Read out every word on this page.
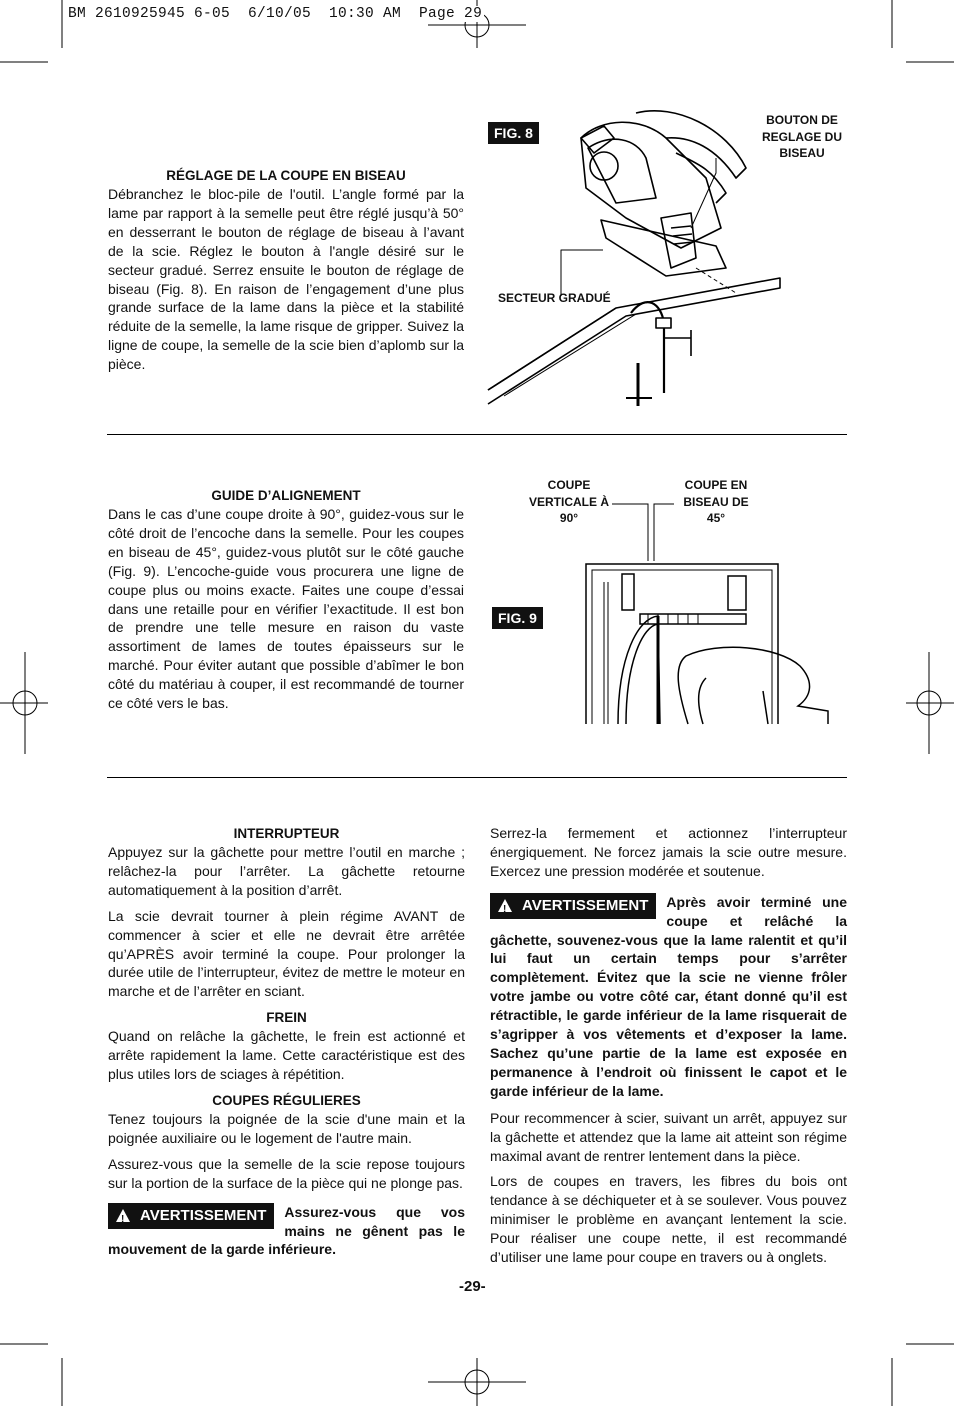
BM 2610925945 6-05  6/10/05  10:30 AM  Page 29
RÉGLAGE DE LA COUPE EN BISEAU
Débranchez le bloc-pile de l'outil. L’angle formé par la lame par rapport à la semelle peut être réglé jusqu’à 50° en desserrant le bouton de réglage de biseau à l’avant de la scie. Réglez le bouton à l'angle désiré sur le secteur gradué. Serrez ensuite le bouton de réglage de biseau (Fig. 8). En raison de l’engagement d’une plus grande surface de la lame dans la pièce et la stabilité réduite de la semelle, la lame risque de gripper. Suivez la ligne de coupe, la semelle de la scie bien d’aplomb sur la pièce.
FIG. 8
BOUTON DE
REGLAGE DU
BISEAU
SECTEUR GRADUÉ
GUIDE D’ALIGNEMENT
Dans le cas d’une coupe droite à 90°, guidez-vous sur le côté droit de l’encoche dans la semelle. Pour les coupes en biseau de 45°, guidez-vous plutôt sur le côté gauche (Fig. 9). L’encoche-guide vous procurera une ligne de coupe plus ou moins exacte. Faites une coupe d’essai dans une retaille pour en vérifier l’exactitude. Il est bon de prendre une telle mesure en raison du vaste assortiment de lames de toutes épaisseurs sur le marché. Pour éviter autant que possible d’abîmer le bon côté du matériau à couper, il est recommandé de tourner ce côté vers le bas.
FIG. 9
COUPE
VERTICALE À
90°
COUPE EN
BISEAU DE
45°
INTERRUPTEUR
Appuyez sur la gâchette pour mettre l’outil en marche ; relâchez-la pour l’arrêter. La gâchette retourne automatiquement à la position d’arrêt.
La scie devrait tourner à plein régime AVANT de commencer à scier et elle ne devrait être arrêtée qu’APRÈS avoir terminé la coupe. Pour prolonger la durée utile de l’interrupteur, évitez de mettre le moteur en marche et de l’arrêter en sciant.
FREIN
Quand on relâche la gâchette, le frein est actionné et arrête rapidement la lame. Cette caractéristique est des plus utiles lors de sciages à répétition.
COUPES RÉGULIERES
Tenez toujours la poignée de la scie d'une main et la poignée auxiliaire ou le logement de l'autre main.
Assurez-vous que la semelle de la scie repose toujours sur la portion de la surface de la pièce qui ne plonge pas.
! AVERTISSEMENT	Assurez-vous que vos mains ne gênent pas le mouvement de la garde inférieure.
Serrez-la fermement et actionnez l’interrupteur énergiquement. Ne forcez jamais la scie outre mesure. Exercez une pression modérée et soutenue.
! AVERTISSEMENT	Après avoir terminé une coupe et relâché la gâchette, souvenez-vous que la lame ralentit et qu’il lui faut un certain temps pour s’arrêter complètement. Évitez que la scie ne vienne frôler votre jambe ou votre côté car, étant donné qu’il est rétractible, le garde inférieur de la lame risquerait de s’agripper à vos vêtements et d’exposer la lame. Sachez qu’une partie de la lame est exposée en permanence à l’endroit où finissent le capot et le garde inférieur de la lame.
Pour recommencer à scier, suivant un arrêt, appuyez sur la gâchette et attendez que la lame ait atteint son régime maximal avant de rentrer lentement dans la pièce.
Lors de coupes en travers, les fibres du bois ont tendance à se déchiqueter et à se soulever. Vous pouvez minimiser le problème en avançant lentement la scie. Pour réaliser une coupe nette, il est recommandé d’utiliser une lame pour coupe en travers ou à onglets.
-29-
